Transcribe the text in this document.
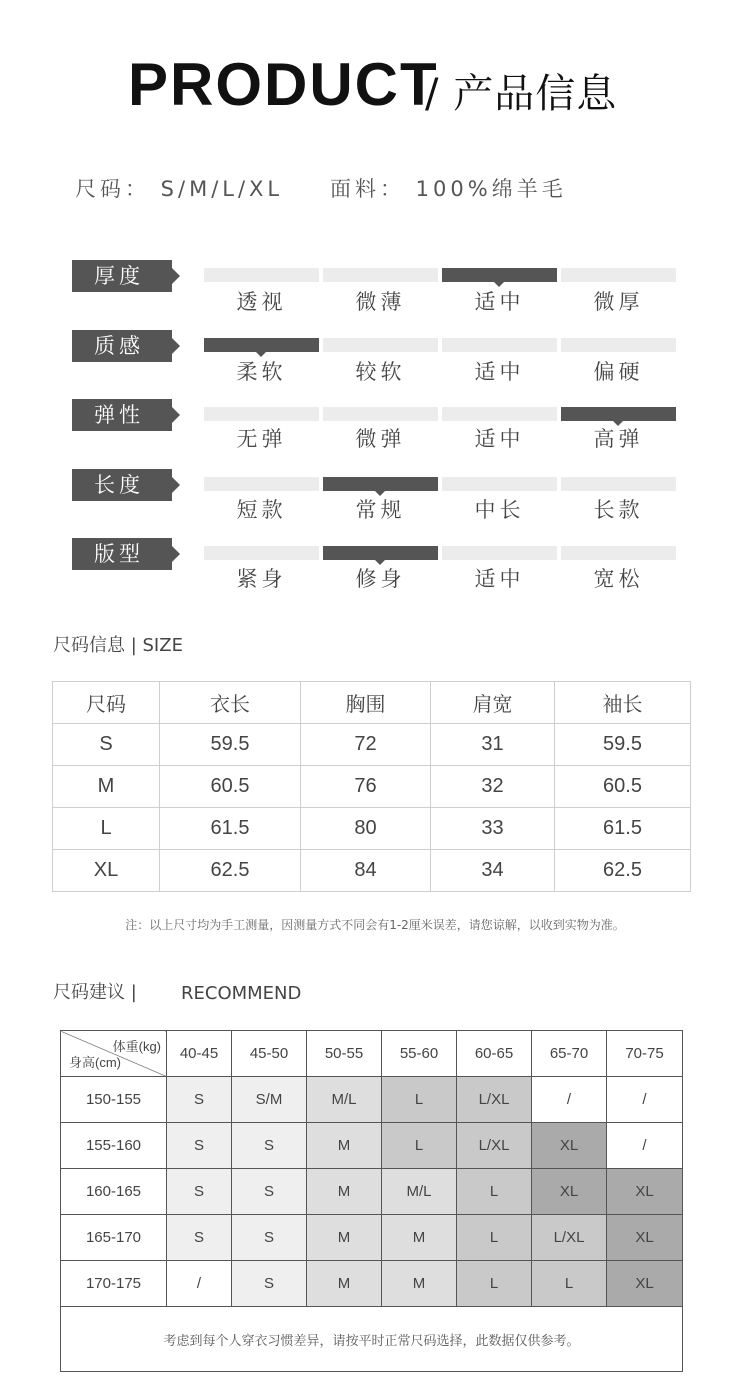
PRODUCT
/ 产品信息
尺码： S/M/L/XL 面料： 100%绵羊毛
厚度
透视	微薄	适中	微厚
质感
柔软	较软	适中	偏硬
弹性
无弹	微弹	适中	高弹
长度
短款	常规	中长	长款
版型
紧身	修身	适中	宽松
尺码信息 | SIZE
尺码	衣长	胸围	肩宽	袖长
S	59.5	72	31	59.5
M	60.5	76	32	60.5
L	61.5	80	33	61.5
XL	62.5	84	34	62.5
注：以上尺寸均为手工测量，因测量方式不同会有1-2厘米误差，请您谅解，以收到实物为准。
尺码建议 | RECOMMEND
体重(kg)
身高(cm)	40-45	45-50	50-55	55-60	60-65	65-70	70-75
150-155	S	S/M	M/L	L	L/XL	/	/
155-160	S	S	M	L	L/XL	XL	/
160-165	S	S	M	M/L	L	XL	XL
165-170	S	S	M	M	L	L/XL	XL
170-175	/	S	M	M	L	L	XL
考虑到每个人穿衣习惯差异，请按平时正常尺码选择，此数据仅供参考。							
